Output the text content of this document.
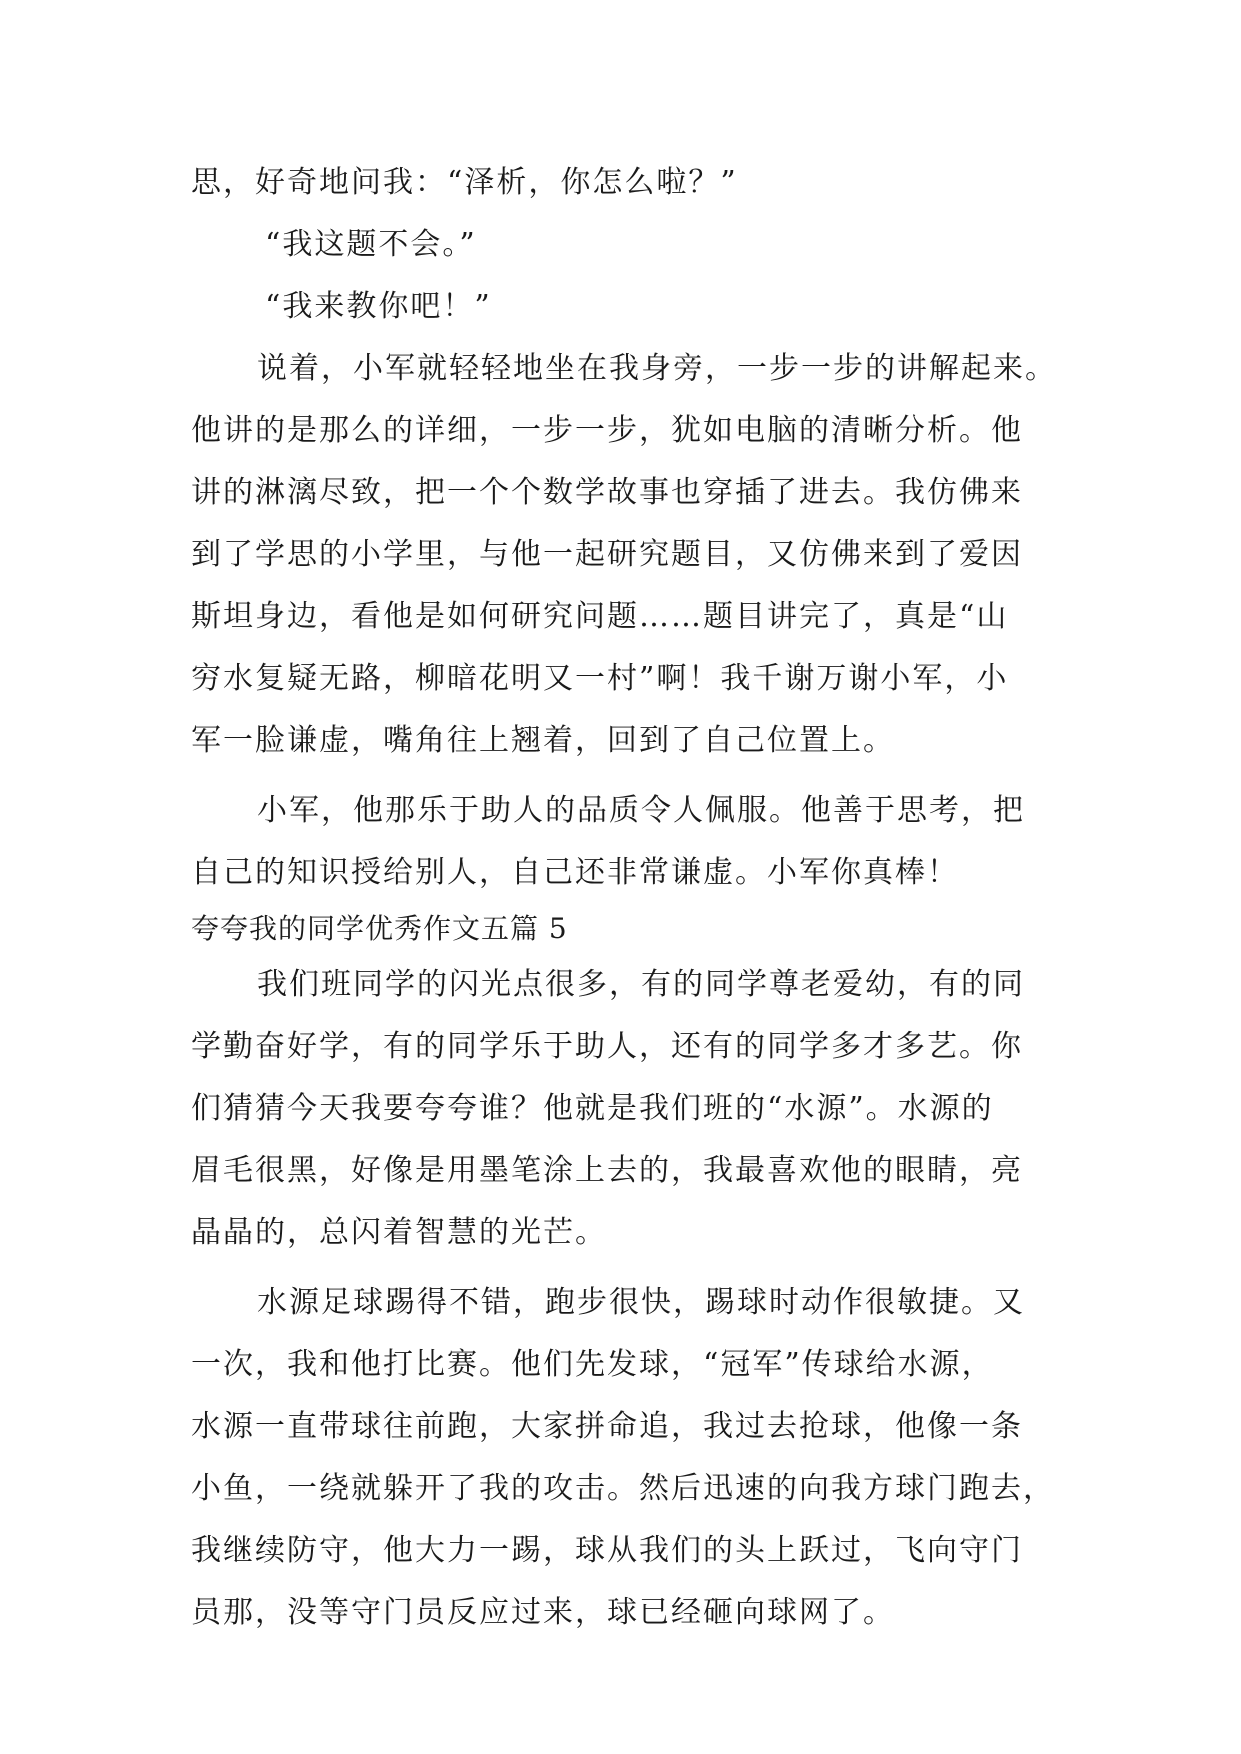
思，好奇地问我：“泽析，你怎么啦？”
“我这题不会。”
“我来教你吧！”
说着，小军就轻轻地坐在我身旁，一步一步的讲解起来。
他讲的是那么的详细，一步一步，犹如电脑的清晰分析。他
讲的淋漓尽致，把一个个数学故事也穿插了进去。我仿佛来
到了学思的小学里，与他一起研究题目，又仿佛来到了爱因
斯坦身边，看他是如何研究问题……题目讲完了，真是“山
穷水复疑无路，柳暗花明又一村”啊！我千谢万谢小军，小
军一脸谦虚，嘴角往上翘着，回到了自己位置上。
小军，他那乐于助人的品质令人佩服。他善于思考，把
自己的知识授给别人，自己还非常谦虚。小军你真棒！
夸夸我的同学优秀作文五篇 5
我们班同学的闪光点很多，有的同学尊老爱幼，有的同
学勤奋好学，有的同学乐于助人，还有的同学多才多艺。你
们猜猜今天我要夸夸谁？他就是我们班的“水源”。水源的
眉毛很黑，好像是用墨笔涂上去的，我最喜欢他的眼睛，亮
晶晶的，总闪着智慧的光芒。
水源足球踢得不错，跑步很快，踢球时动作很敏捷。又
一次，我和他打比赛。他们先发球，“冠军”传球给水源，
水源一直带球往前跑，大家拼命追，我过去抢球，他像一条
小鱼，一绕就躲开了我的攻击。然后迅速的向我方球门跑去，
我继续防守，他大力一踢，球从我们的头上跃过，飞向守门
员那，没等守门员反应过来，球已经砸向球网了。
